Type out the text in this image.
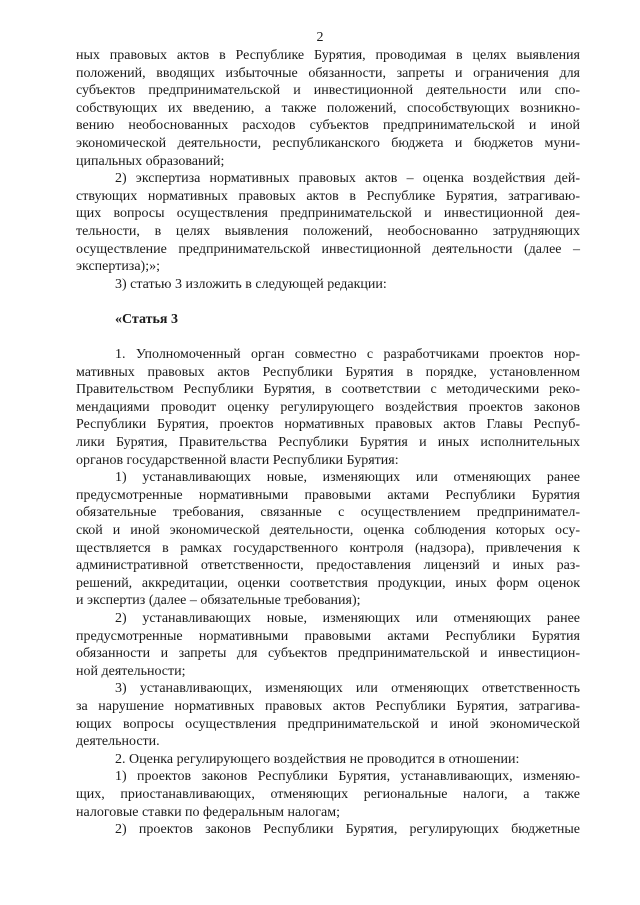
2
ных правовых актов в Республике Бурятия, проводимая в целях выявления
положений, вводящих избыточные обязанности, запреты и ограничения для
субъектов предпринимательской и инвестиционной деятельности или спо-
собствующих их введению, а также положений, способствующих возникно-
вению необоснованных расходов субъектов предпринимательской и иной
экономической деятельности, республиканского бюджета и бюджетов муни-
ципальных образований;
2) экспертиза нормативных правовых актов – оценка воздействия дей-
ствующих нормативных правовых актов в Республике Бурятия, затрагиваю-
щих вопросы осуществления предпринимательской и инвестиционной дея-
тельности, в целях выявления положений, необоснованно затрудняющих
осуществление предпринимательской инвестиционной деятельности (далее –
экспертиза);»;
3) статью 3 изложить в следующей редакции:
«Статья 3
1. Уполномоченный орган совместно с разработчиками проектов нор-
мативных правовых актов Республики Бурятия в порядке, установленном
Правительством Республики Бурятия, в соответствии с методическими реко-
мендациями проводит оценку регулирующего воздействия проектов законов
Республики Бурятия, проектов нормативных правовых актов Главы Респуб-
лики Бурятия, Правительства Республики Бурятия и иных исполнительных
органов государственной власти Республики Бурятия:
1) устанавливающих новые, изменяющих или отменяющих ранее
предусмотренные нормативными правовыми актами Республики Бурятия
обязательные требования, связанные с осуществлением предпринимател-
ской и иной экономической деятельности, оценка соблюдения которых осу-
ществляется в рамках государственного контроля (надзора), привлечения к
административной ответственности, предоставления лицензий и иных раз-
решений, аккредитации, оценки соответствия продукции, иных форм оценок
и экспертиз (далее – обязательные требования);
2) устанавливающих новые, изменяющих или отменяющих ранее
предусмотренные нормативными правовыми актами Республики Бурятия
обязанности и запреты для субъектов предпринимательской и инвестицион-
ной деятельности;
3) устанавливающих, изменяющих или отменяющих ответственность
за нарушение нормативных правовых актов Республики Бурятия, затрагива-
ющих вопросы осуществления предпринимательской и иной экономической
деятельности.
2. Оценка регулирующего воздействия не проводится в отношении:
1) проектов законов Республики Бурятия, устанавливающих, изменяю-
щих, приостанавливающих, отменяющих региональные налоги, а также
налоговые ставки по федеральным налогам;
2) проектов законов Республики Бурятия, регулирующих бюджетные
